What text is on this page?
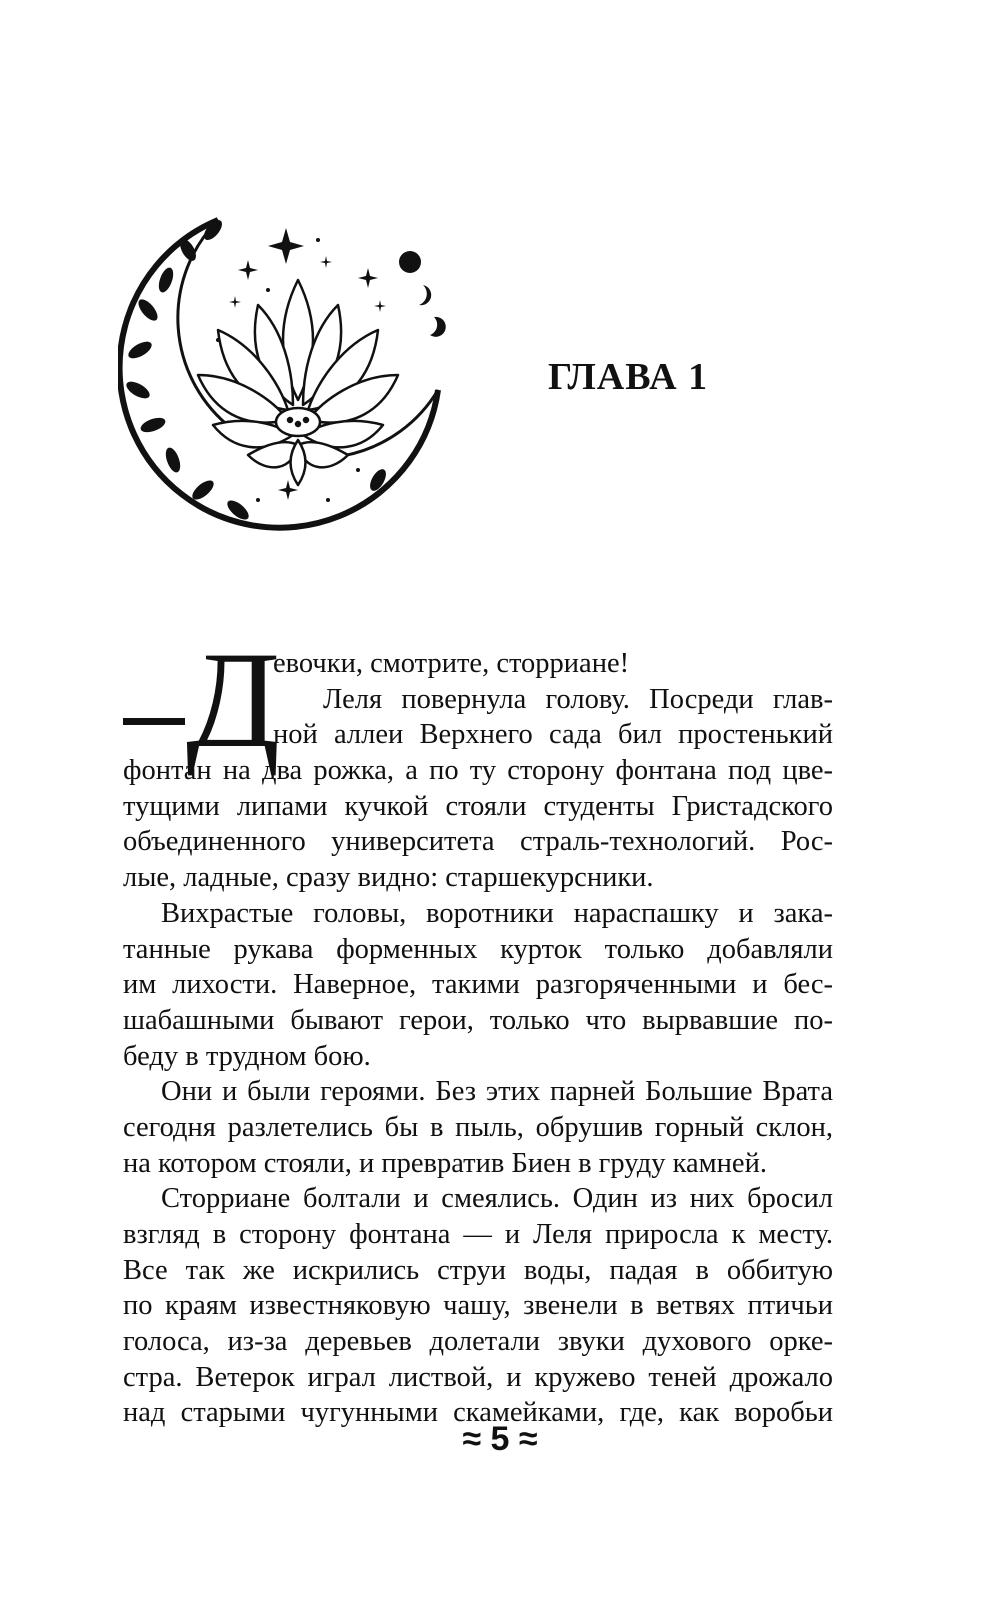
ГЛАВА 1
Д
евочки, смотрите, сторриане!
Леля повернула голову. Посреди глав-
ной аллеи Верхнего сада бил простенький
фонтан на два рожка, а по ту сторону фонтана под цве-
тущими липами кучкой стояли студенты Гристадского
объединенного университета страль-технологий. Рос-
лые, ладные, сразу видно: старшекурсники.
Вихрастые головы, воротники нараспашку и зака-
танные рукава форменных курток только добавляли
им лихости. Наверное, такими разгоряченными и бес-
шабашными бывают герои, только что вырвавшие по-
беду в трудном бою.
Они и были героями. Без этих парней Большие Врата
сегодня разлетелись бы в пыль, обрушив горный склон,
на котором стояли, и превратив Биен в груду камней.
Сторриане болтали и смеялись. Один из них бросил
взгляд в сторону фонтана — и Леля приросла к месту.
Все так же искрились струи воды, падая в оббитую
по краям известняковую чашу, звенели в ветвях птичьи
голоса, из-за деревьев долетали звуки духового орке-
стра. Ветерок играл листвой, и кружево теней дрожало
над старыми чугунными скамейками, где, как воробьи
≈ 5 ≈
